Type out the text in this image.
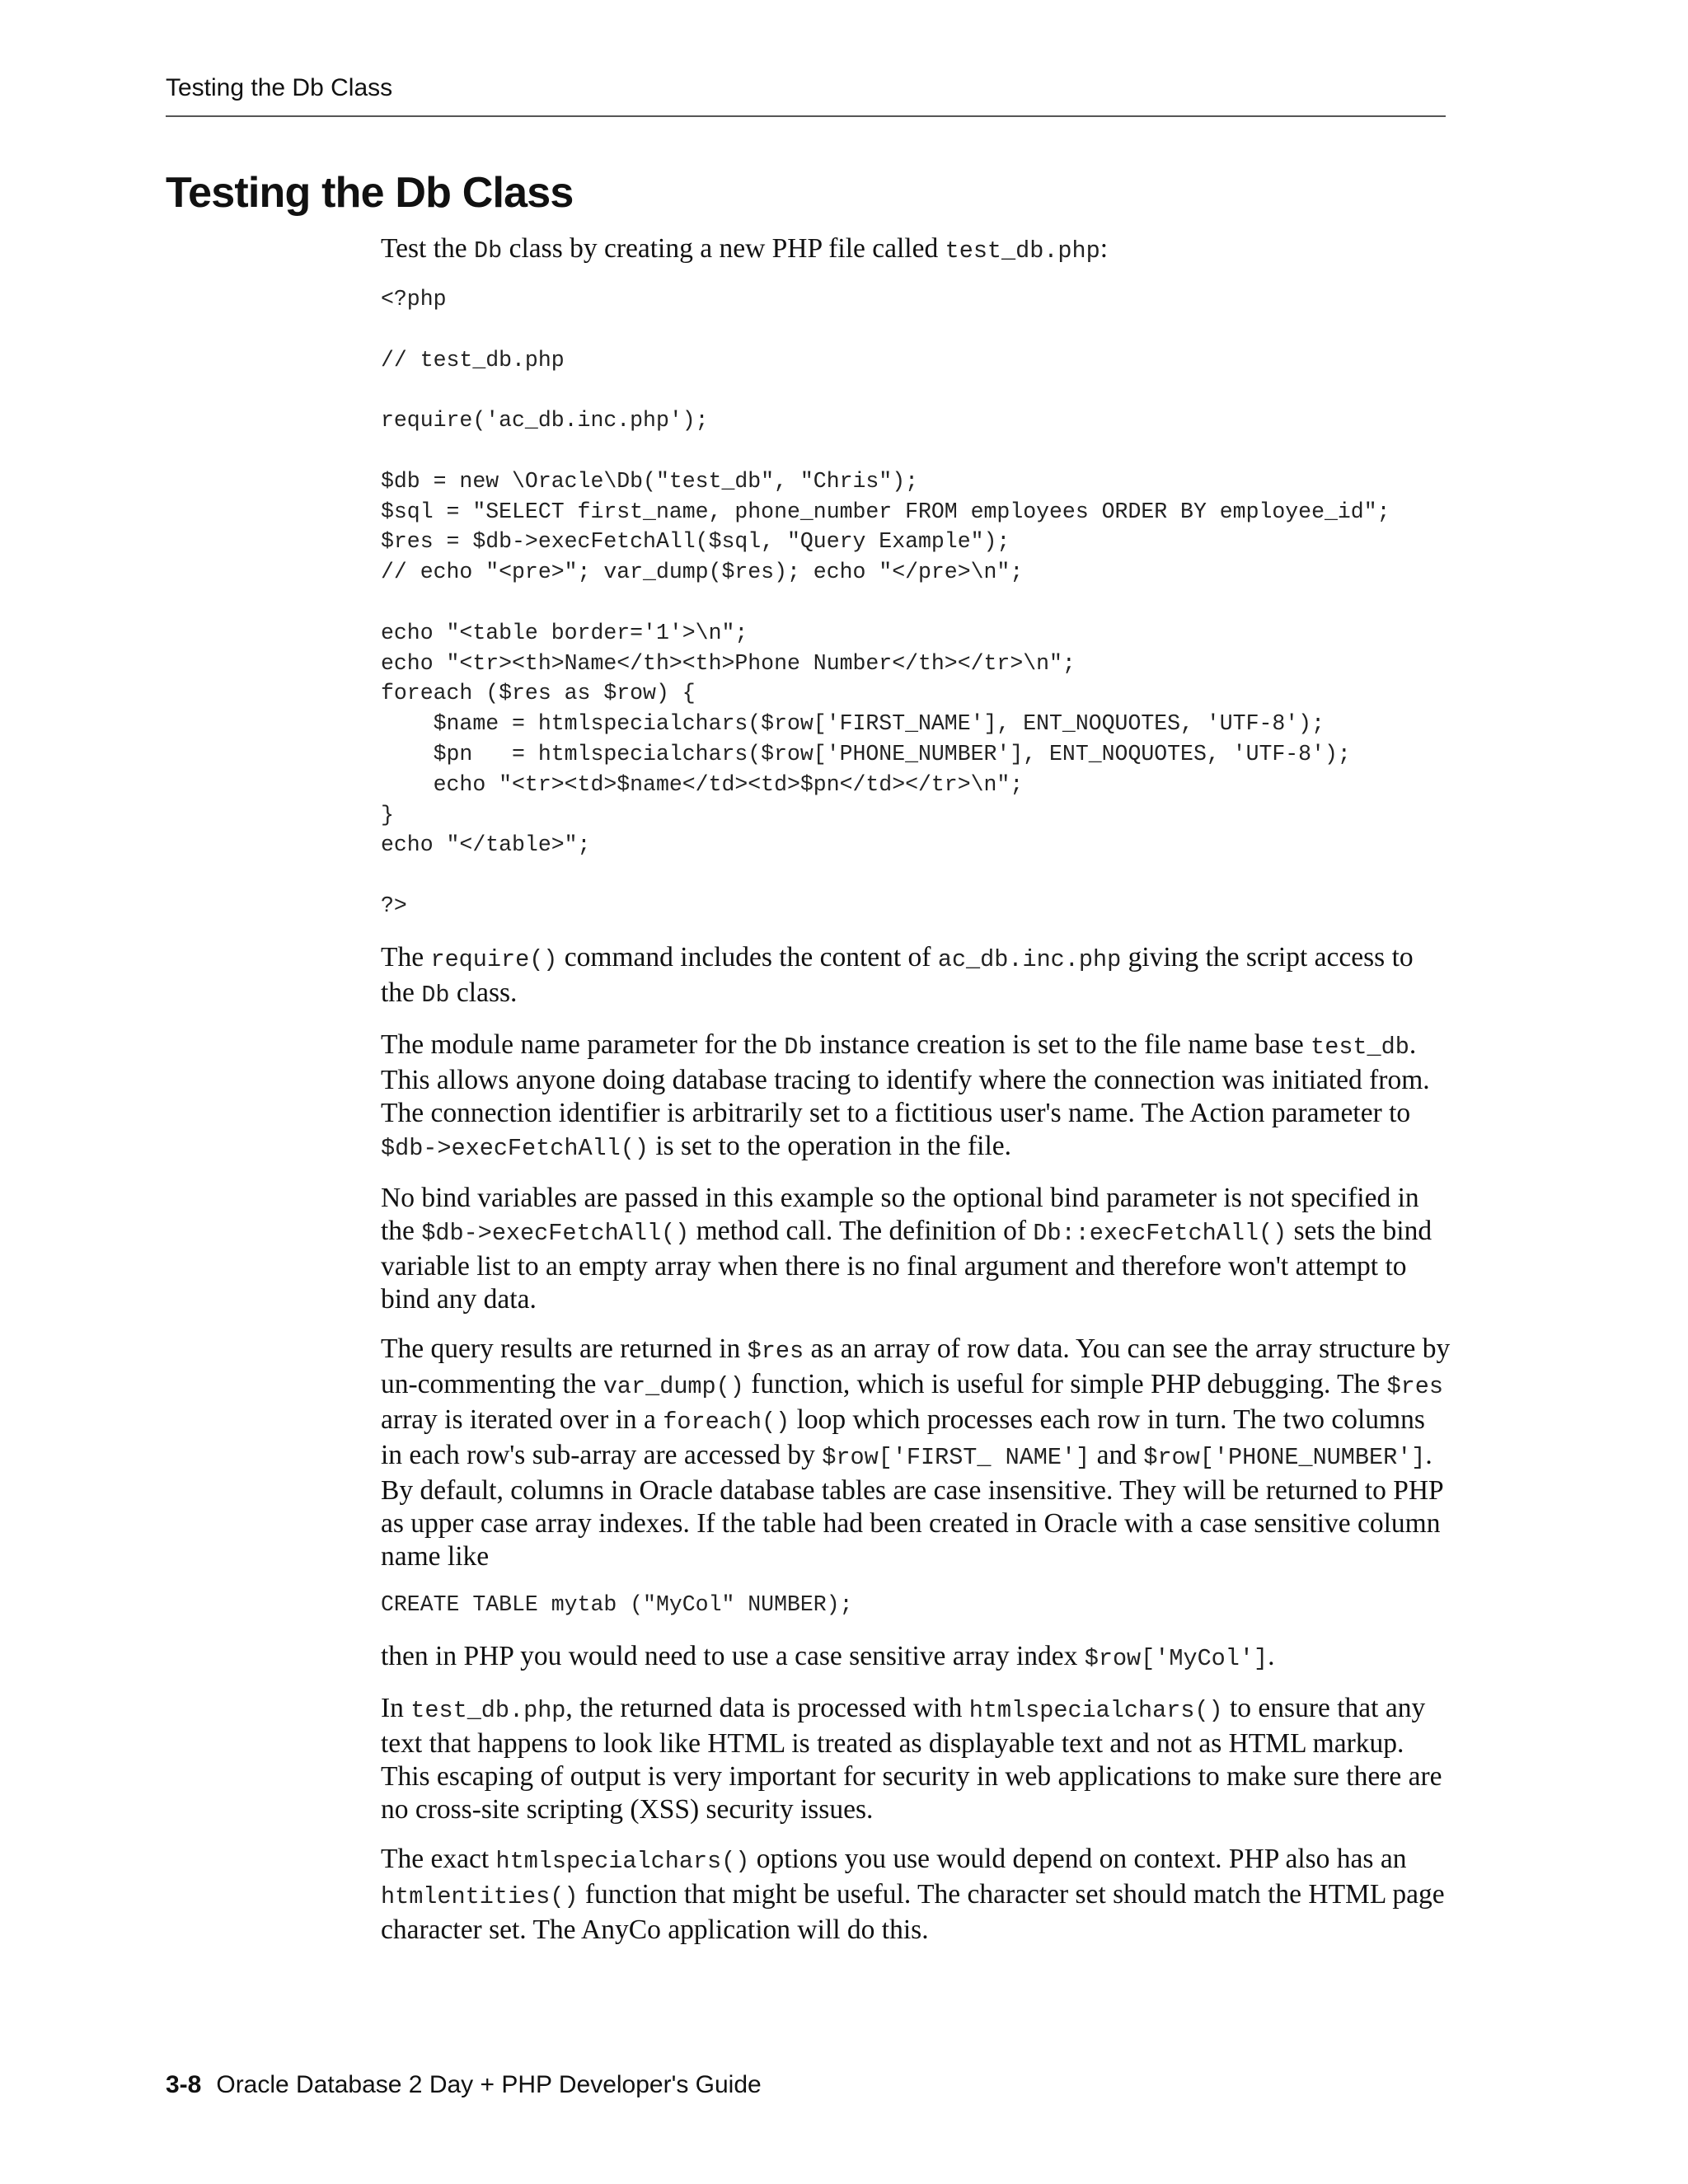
Testing the Db Class
Testing the Db Class

Test the Db class by creating a new PHP file called test_db.php:

<?php

// test_db.php

require('ac_db.inc.php');

$db = new \Oracle\Db("test_db", "Chris");
$sql = "SELECT first_name, phone_number FROM employees ORDER BY employee_id";
$res = $db->execFetchAll($sql, "Query Example");
// echo "<pre>"; var_dump($res); echo "</pre>\n";

echo "<table border='1'>\n";
echo "<tr><th>Name</th><th>Phone Number</th></tr>\n";
foreach ($res as $row) {
$name = htmlspecialchars($row['FIRST_NAME'], ENT_NOQUOTES, 'UTF-8');
$pn   = htmlspecialchars($row['PHONE_NUMBER'], ENT_NOQUOTES, 'UTF-8');
echo "<tr><td>$name</td><td>$pn</td></tr>\n";
}
echo "</table>";

?>

The require() command includes the content of ac_db.inc.php giving the script access to the Db class.

The module name parameter for the Db instance creation is set to the file name base test_db. This allows anyone doing database tracing to identify where the connection was initiated from. The connection identifier is arbitrarily set to a fictitious user's name. The Action parameter to $db->execFetchAll() is set to the operation in the file.

No bind variables are passed in this example so the optional bind parameter is not specified in the $db->execFetchAll() method call. The definition of Db::execFetchAll() sets the bind variable list to an empty array when there is no final argument and therefore won't attempt to bind any data.

The query results are returned in $res as an array of row data. You can see the array structure by un-commenting the var_dump() function, which is useful for simple PHP debugging. The $res array is iterated over in a foreach() loop which processes each row in turn. The two columns in each row's sub-array are accessed by $row['FIRST_ NAME'] and $row['PHONE_NUMBER']. By default, columns in Oracle database tables are case insensitive. They will be returned to PHP as upper case array indexes. If the table had been created in Oracle with a case sensitive column name like

CREATE TABLE mytab ("MyCol" NUMBER);

then in PHP you would need to use a case sensitive array index $row['MyCol'].

In test_db.php, the returned data is processed with htmlspecialchars() to ensure that any text that happens to look like HTML is treated as displayable text and not as HTML markup. This escaping of output is very important for security in web applications to make sure there are no cross-site scripting (XSS) security issues.

The exact htmlspecialchars() options you use would depend on context. PHP also has an htmlentities() function that might be useful. The character set should match the HTML page character set. The AnyCo application will do this.

3-8 Oracle Database 2 Day + PHP Developer's Guide
